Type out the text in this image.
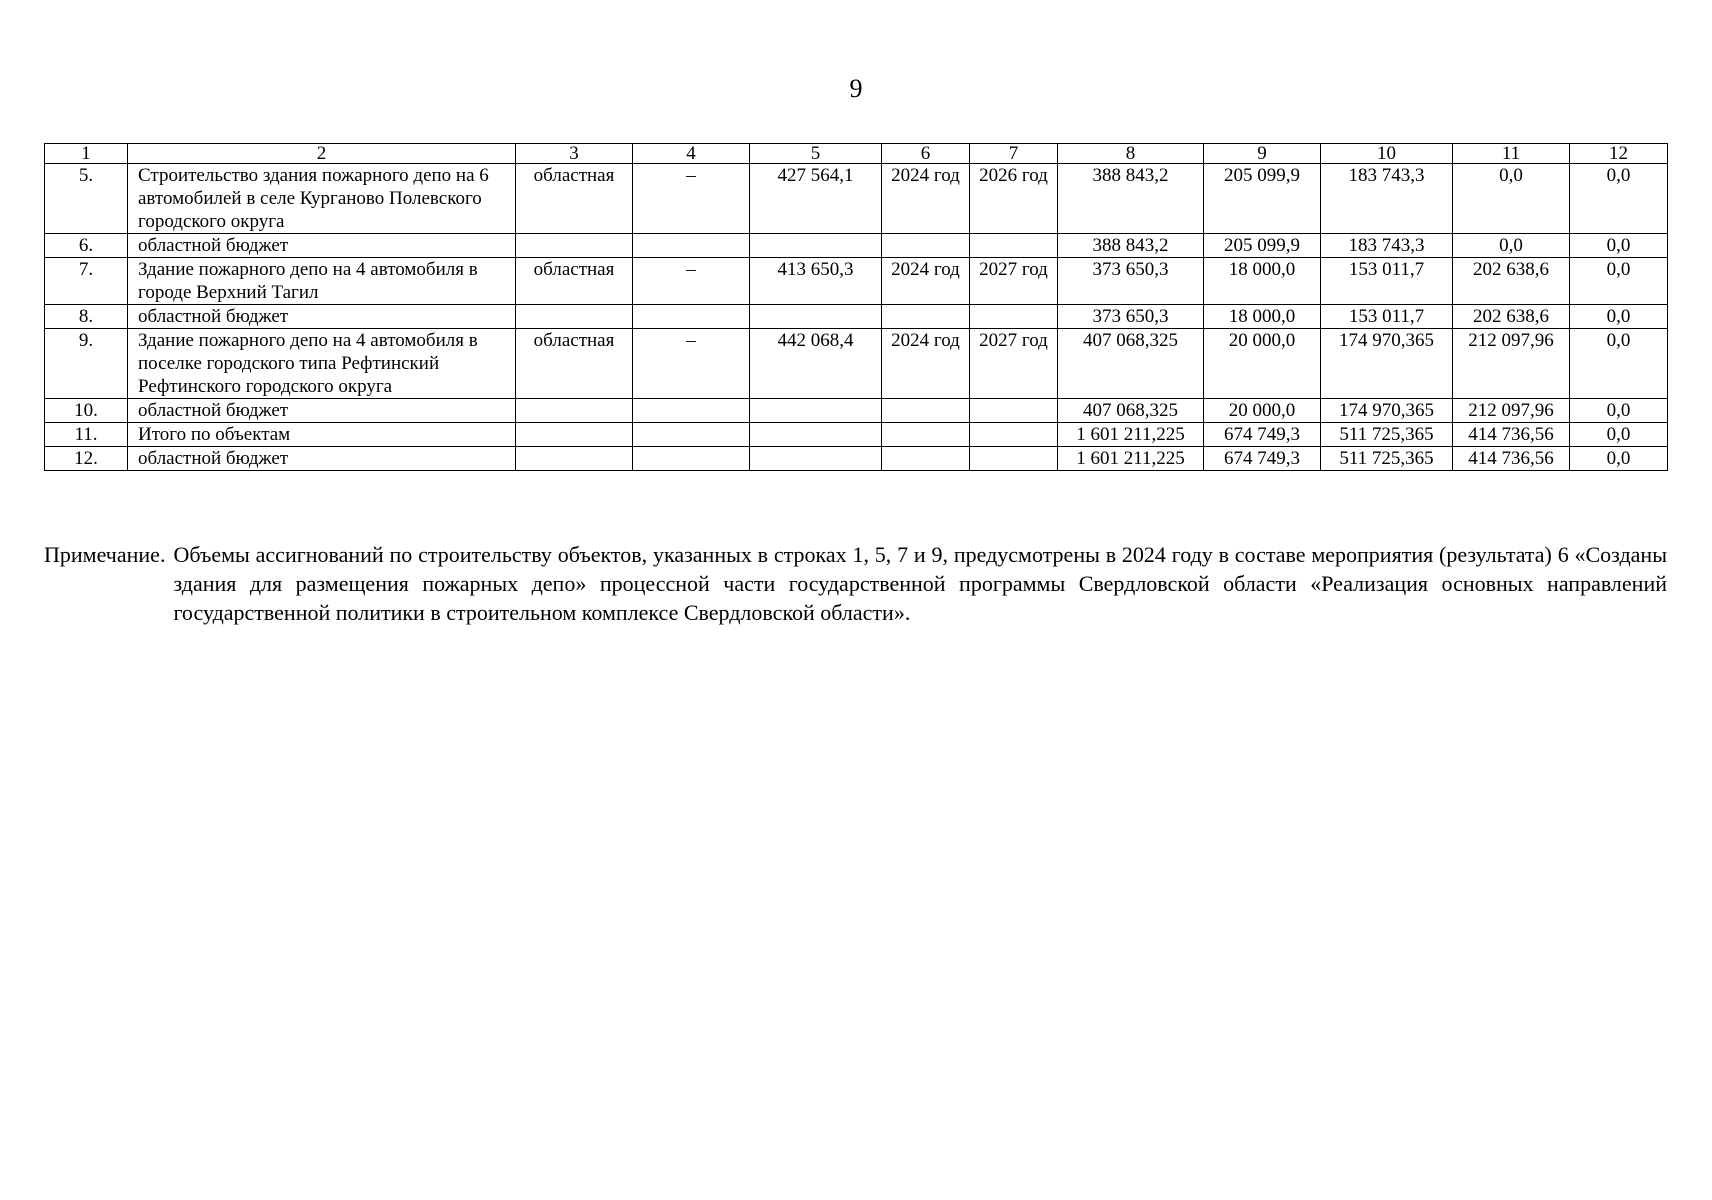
9
1	2	3	4	5	6	7	8	9	10	11	12
5.	Строительство здания пожарного депо на 6 автомобилей в селе Курганово Полевского городского округа	областная	–	427 564,1	2024 год	2026 год	388 843,2	205 099,9	183 743,3	0,0	0,0
6.	областной бюджет						388 843,2	205 099,9	183 743,3	0,0	0,0
7.	Здание пожарного депо на 4 автомобиля в городе Верхний Тагил	областная	–	413 650,3	2024 год	2027 год	373 650,3	18 000,0	153 011,7	202 638,6	0,0
8.	областной бюджет						373 650,3	18 000,0	153 011,7	202 638,6	0,0
9.	Здание пожарного депо на 4 автомобиля в поселке городского типа Рефтинский Рефтинского городского округа	областная	–	442 068,4	2024 год	2027 год	407 068,325	20 000,0	174 970,365	212 097,96	0,0
10.	областной бюджет						407 068,325	20 000,0	174 970,365	212 097,96	0,0
11.	Итого по объектам						1 601 211,225	674 749,3	511 725,365	414 736,56	0,0
12.	областной бюджет						1 601 211,225	674 749,3	511 725,365	414 736,56	0,0
Примечание. Объемы ассигнований по строительству объектов, указанных в строках 1, 5, 7 и 9, предусмотрены в 2024 году в составе мероприятия (результата) 6 «Созданы здания для размещения пожарных депо» процессной части государственной программы Свердловской области «Реализация основных направлений государственной политики в строительном комплексе Свердловской области».
